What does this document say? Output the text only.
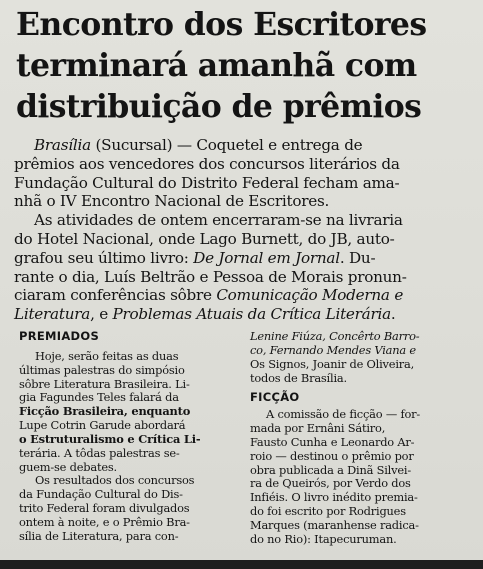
Encontro dos Escritores
terminará amanhã com
distribuição de prêmios
Brasília (Sucursal) — Coquetel e entrega de
prêmios aos vencedores dos concursos literários da
Fundação Cultural do Distrito Federal fecham ama-
nhã o IV Encontro Nacional de Escritores.
As atividades de ontem encerraram-se na livraria
do Hotel Nacional, onde Lago Burnett, do JB, auto-
grafou seu último livro: De Jornal em Jornal. Du-
rante o dia, Luís Beltrão e Pessoa de Morais pronun-
ciaram conferências sôbre Comunicação Moderna e
Literatura, e Problemas Atuais da Crítica Literária.
PREMIADOS
Hoje, serão feitas as duas
últimas palestras do simpósio
sôbre Literatura Brasileira. Li-
gia Fagundes Teles falará da
Ficção Brasileira, enquanto
Lupe Cotrin Garude abordará
o Estruturalismo e Crítica Li-
terária. A tôdas palestras se-
guem-se debates.
Os resultados dos concursos
da Fundação Cultural do Dis-
trito Federal foram divulgados
ontem à noite, e o Prêmio Bra-
sília de Literatura, para con-
Lenine Fiúza, Concêrto Barro-
co, Fernando Mendes Viana e
Os Signos, Joanir de Oliveira,
todos de Brasília.
FICÇÃO
A comissão de ficção — for-
mada por Ernâni Sátiro,
Fausto Cunha e Leonardo Ar-
roio — destinou o prêmio por
obra publicada a Dinã Silvei-
ra de Queirós, por Verdo dos
Infiéis. O livro inédito premia-
do foi escrito por Rodrigues
Marques (maranhense radica-
do no Rio): Itapecuruman.
